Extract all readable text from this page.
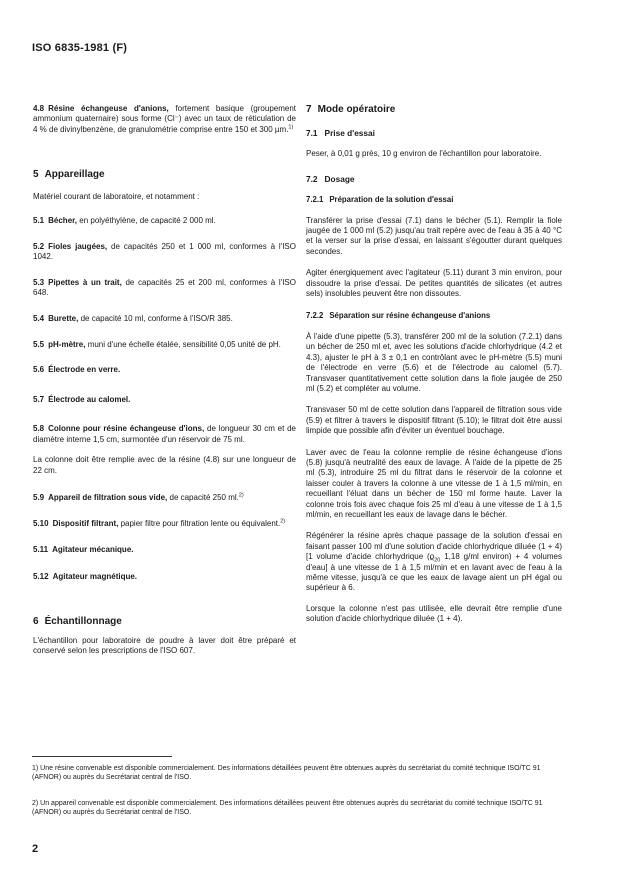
ISO 6835-1981 (F)
4.8 Résine échangeuse d'anions, fortement basique (groupement ammonium quaternaire) sous forme (Cl⁻) avec un taux de réticulation de 4 % de divinylbenzène, de granulométrie comprise entre 150 et 300 µm.$^{1)}$
5 Appareillage

Matériel courant de laboratoire, et notamment :

5.1 Bécher, en polyéthylène, de capacité 2 000 ml.
5.2 Fioles jaugées, de capacités 250 et 1 000 ml, conformes à l'ISO 1042.
5.3 Pipettes à un trait, de capacités 25 et 200 ml, conformes à l'ISO 648.
5.4 Burette, de capacité 10 ml, conforme à l'ISO/R 385.
5.5 pH-mètre, muni d'une échelle étalée, sensibilité 0,05 unité de pH.
5.6 Électrode en verre.
5.7 Électrode au calomel.
5.8 Colonne pour résine échangeuse d'ions, de longueur 30 cm et de diamètre interne 1,5 cm, surmontée d'un réservoir de 75 ml.

La colonne doit être remplie avec de la résine (4.8) sur une longueur de 22 cm.

5.9 Appareil de filtration sous vide, de capacité 250 ml.$^{2)}$
5.10 Dispositif filtrant, papier filtre pour filtration lente ou équivalent.$^{2)}$
5.11 Agitateur mécanique.
5.12 Agitateur magnétique.
6 Échantillonnage

L'échantillon pour laboratoire de poudre à laver doit être préparé et conservé selon les prescriptions de l'ISO 607.

7 Mode opératoire
7.1 Prise d'essai

Peser, à 0,01 g près, 10 g environ de l'échantillon pour laboratoire.

7.2 Dosage
7.2.1 Préparation de la solution d'essai

Transférer la prise d'essai (7.1) dans le bécher (5.1). Remplir la fiole jaugée de 1 000 ml (5.2) jusqu'au trait repère avec de l'eau à 35 à 40 °C et la verser sur la prise d'essai, en laissant s'égoutter durant quelques secondes.

Agiter énergiquement avec l'agitateur (5.11) durant 3 min environ, pour dissoudre la prise d'essai. De petites quantités de silicates (et autres sels) insolubles peuvent être non dissoutes.

7.2.2 Séparation sur résine échangeuse d'anions

À l'aide d'une pipette (5.3), transférer 200 ml de la solution (7.2.1) dans un bécher de 250 ml et, avec les solutions d'acide chlorhydrique (4.2 et 4.3), ajuster le pH à 3 ± 0,1 en contrôlant avec le pH-mètre (5.5) muni de l'électrode en verre (5.6) et de l'électrode au calomel (5.7). Transvaser quantitativement cette solution dans la fiole jaugée de 250 ml (5.2) et compléter au volume.

Transvaser 50 ml de cette solution dans l'appareil de filtration sous vide (5.9) et filtrer à travers le dispositif filtrant (5.10); le filtrat doit être aussi limpide que possible afin d'éviter un éventuel bouchage.

Laver avec de l'eau la colonne remplie de résine échangeuse d'ions (5.8) jusqu'à neutralité des eaux de lavage. À l'aide de la pipette de 25 ml (5.3), introduire 25 ml du filtrat dans le réservoir de la colonne et laisser couler à travers la colonne à une vitesse de 1 à 1,5 ml/min, en recueillant l'éluat dans un bécher de 150 ml forme haute. Laver la colonne trois fois avec chaque fois 25 ml d'eau à une vitesse de 1 à 1,5 ml/min, en recueillant les eaux de lavage dans le bécher.

Régénérer la résine après chaque passage de la solution d'essai en faisant passer 100 ml d'une solution d'acide chlorhydrique diluée (1 + 4) [1 volume d'acide chlorhydrique ($ϱ_{20}$ 1,18 g/ml environ) + 4 volumes d'eau] à une vitesse de 1 à 1,5 ml/min et en lavant avec de l'eau à la même vitesse, jusqu'à ce que les eaux de lavage aient un pH égal ou supérieur à 6.

Lorsque la colonne n'est pas utilisée, elle devrait être remplie d'une solution d'acide chlorhydrique diluée (1 + 4).

1) Une résine convenable est disponible commercialement. Des informations détaillées peuvent être obtenues auprès du secrétariat du comité technique ISO/TC 91 (AFNOR) ou auprès du Secrétariat central de l'ISO.
2) Un appareil convenable est disponible commercialement. Des informations détaillées peuvent être obtenues auprès du secrétariat du comité technique ISO/TC 91 (AFNOR) ou auprès du Secrétariat central de l'ISO.
2
